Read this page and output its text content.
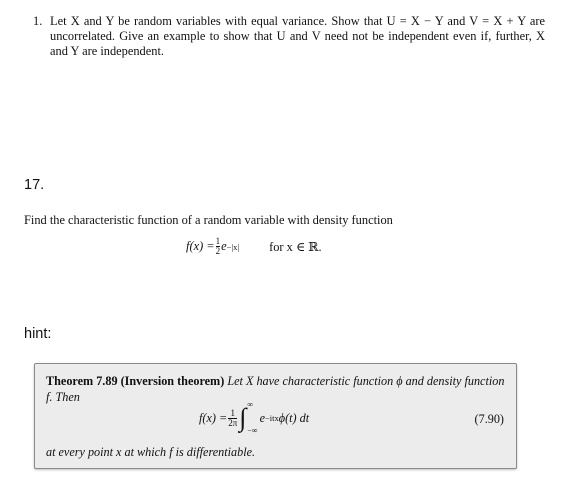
1. Let X and Y be random variables with equal variance. Show that U = X − Y and V = X + Y are uncorrelated. Give an example to show that U and V need not be independent even if, further, X and Y are independent.
17.
Find the characteristic function of a random variable with density function
$f(x) = \frac{1}{2}$ e −|x| for x ∈ ℝ.
hint:
Theorem 7.89 (Inversion theorem) Let X have characteristic function ϕ and density function f. Then
$f(x) = \frac{1}{2\pi}$ ∫ ∞
−∞
e −itx ϕ(t) dt	(7.90)
at every point x at which f is differentiable.
